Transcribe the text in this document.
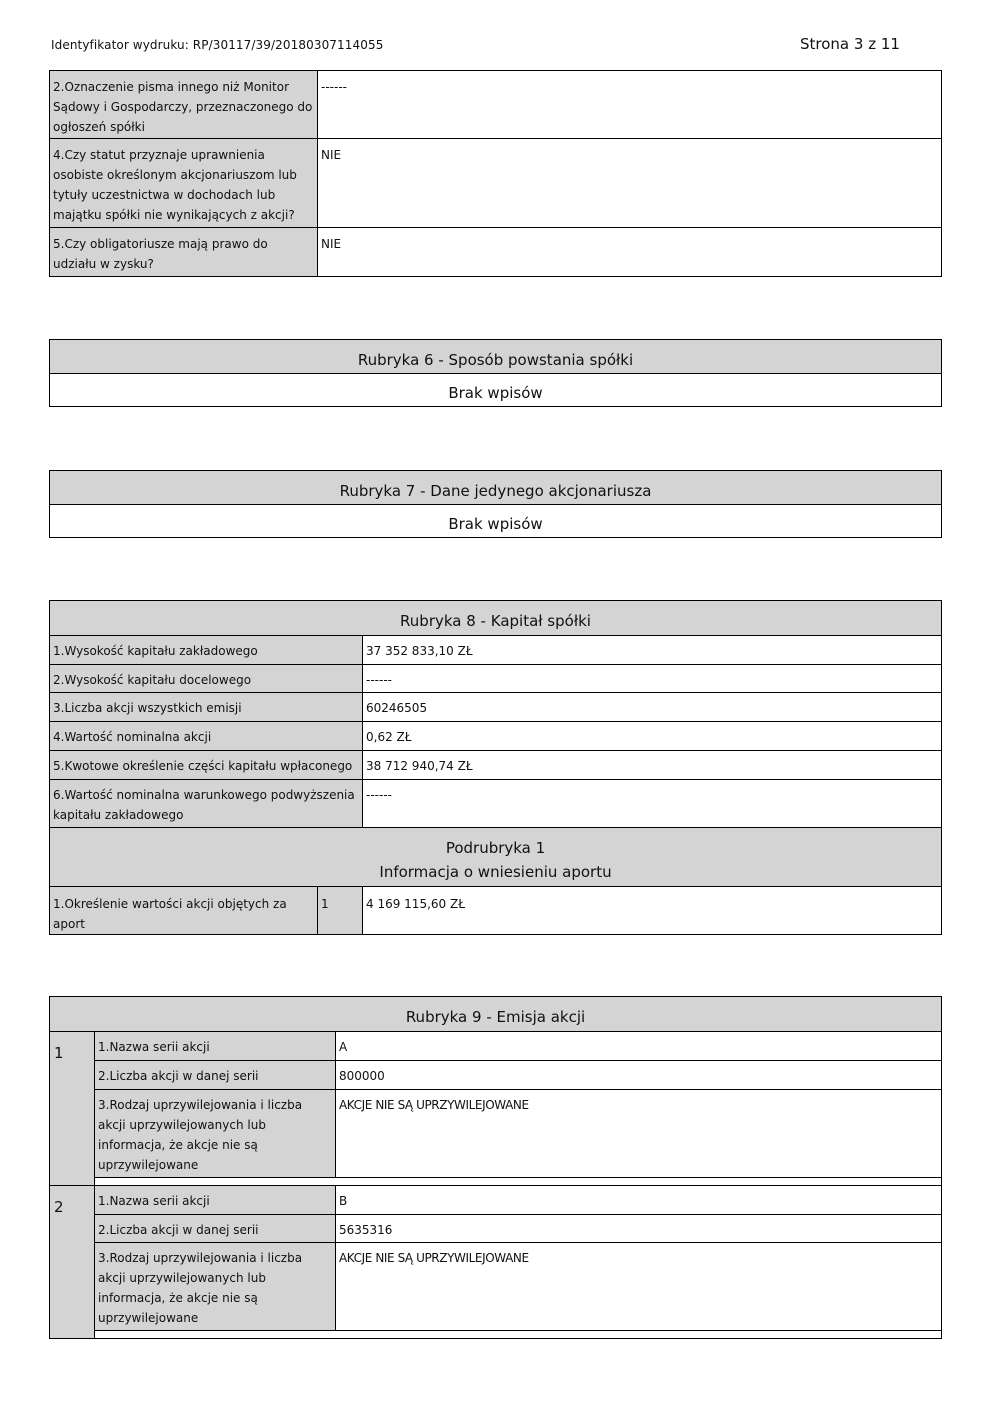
Identyfikator wydruku: RP/30117/39/20180307114055	Strona 3 z 11
2.Oznaczenie pisma innego niż Monitor Sądowy i Gospodarczy, przeznaczonego do ogłoszeń spółki	------
4.Czy statut przyznaje uprawnienia osobiste określonym akcjonariuszom lub tytuły uczestnictwa w dochodach lub majątku spółki nie wynikających z akcji?	NIE
5.Czy obligatoriusze mają prawo do udziału w zysku?	NIE
Rubryka 6 - Sposób powstania spółki
Brak wpisów
Rubryka 7 - Dane jedynego akcjonariusza
Brak wpisów
Rubryka 8 - Kapitał spółki		
1.Wysokość kapitału zakładowego		37 352 833,10 ZŁ
2.Wysokość kapitału docelowego		------
3.Liczba akcji wszystkich emisji		60246505
4.Wartość nominalna akcji		0,62 ZŁ
5.Kwotowe określenie części kapitału wpłaconego		38 712 940,74 ZŁ
6.Wartość nominalna warunkowego podwyższenia kapitału zakładowego		------

Podrubryka 1
Informacja o wniesieniu aportu		

1.Określenie wartości akcji objętych za aport	1	4 169 115,60 ZŁ
Rubryka 9 - Emisja akcji		
1	1.Nazwa serii akcji	A
	2.Liczba akcji w danej serii	800000
	3.Rodzaj uprzywilejowania i liczba akcji uprzywilejowanych lub informacja, że akcje nie są uprzywilejowane	AKCJE NIE SĄ UPRZYWILEJOWANE

2	1.Nazwa serii akcji	B
	2.Liczba akcji w danej serii	5635316
	3.Rodzaj uprzywilejowania i liczba akcji uprzywilejowanych lub informacja, że akcje nie są uprzywilejowane	AKCJE NIE SĄ UPRZYWILEJOWANE
